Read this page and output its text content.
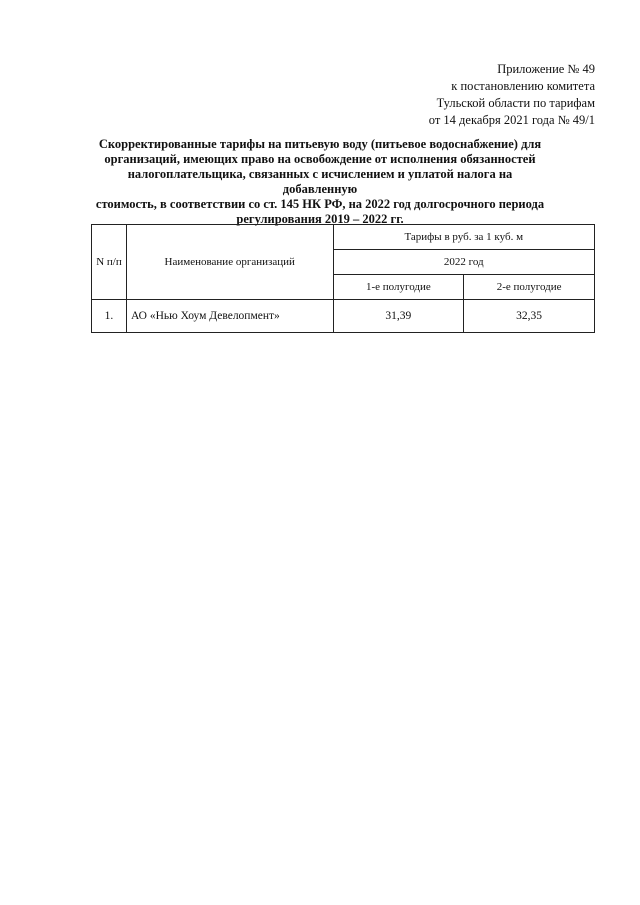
Приложение № 49
к постановлению комитета
Тульской области по тарифам
от 14 декабря 2021 года № 49/1
Скорректированные тарифы на питьевую воду (питьевое водоснабжение) для
организаций, имеющих право на освобождение от исполнения обязанностей
налогоплательщика, связанных с исчислением и уплатой налога на добавленную
стоимость, в соответствии со ст. 145 НК РФ, на 2022 год долгосрочного периода
регулирования 2019 – 2022 гг.
N п/п	Наименование организаций	Тарифы в руб. за 1 куб. м	
		2022 год	
		1-е полугодие	2-е полугодие
1.	АО «Нью Хоум Девелопмент»	31,39	32,35
